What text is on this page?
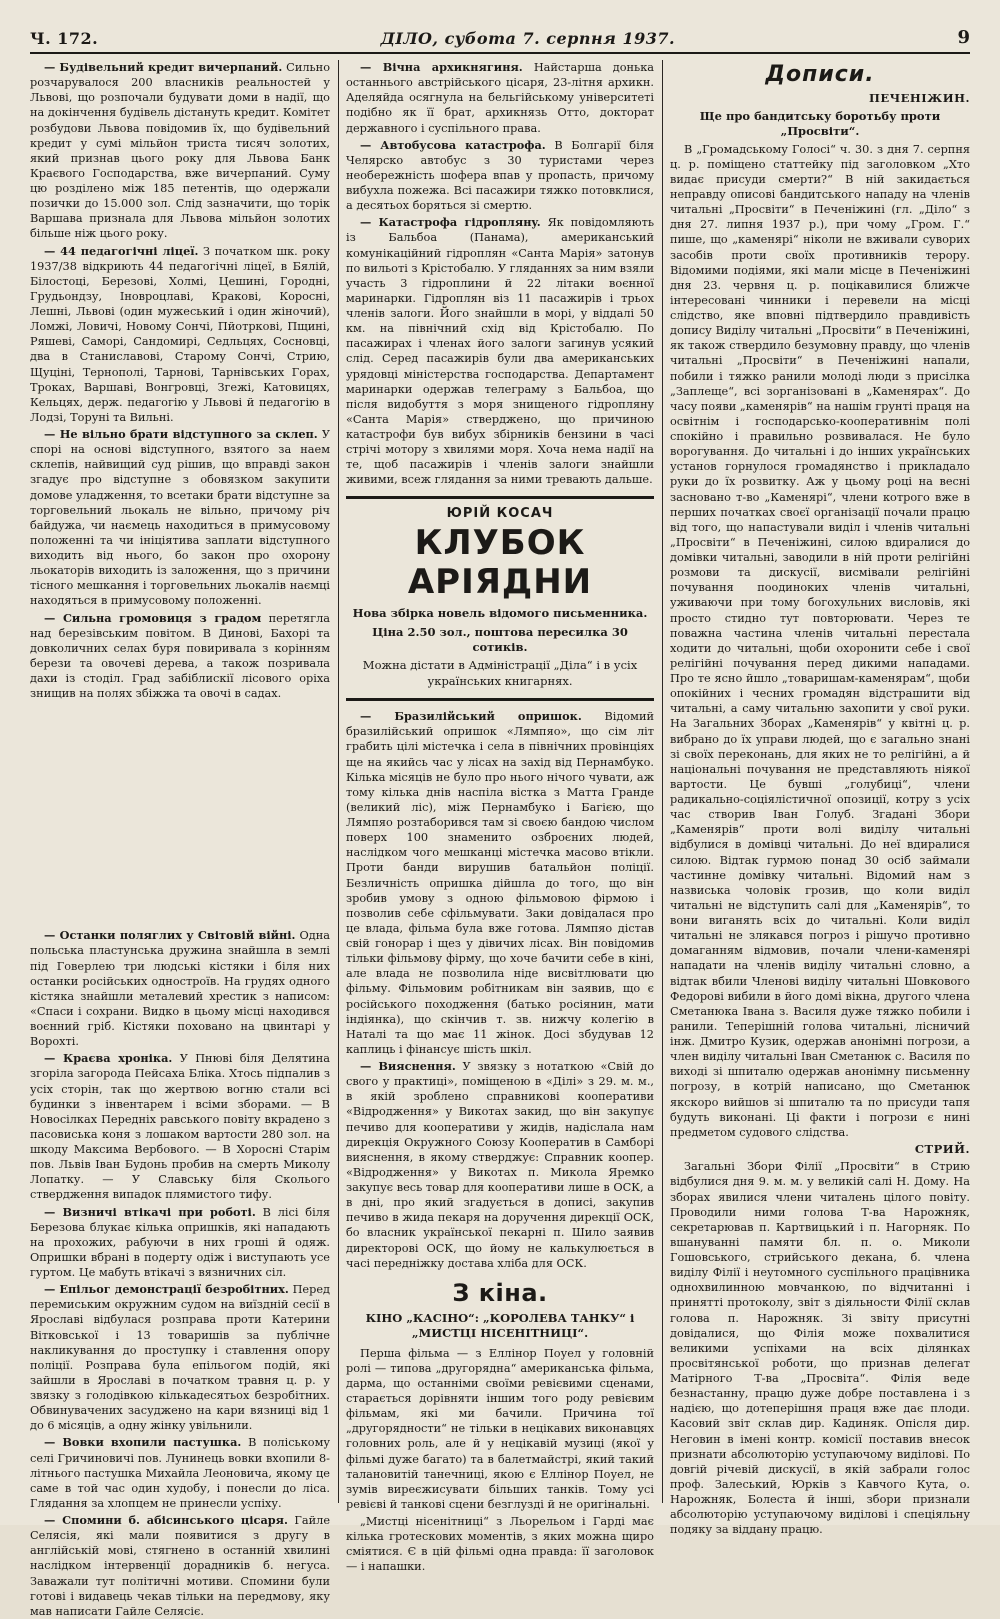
Ч. 172.	ДІЛО, субота 7. серпня 1937.	9

— Будівельний кредит вичерпаний. Сильно розчарувалося 200 власників реальностей у Львові, що розпочали будувати доми в надії, що на докінчення будівель дістануть кредит. Комітет розбудови Львова повідомив їх, що будівельний кредит у сумі мільйон триста тисяч золотих, який признав цього року для Львова Банк Краєвого Господарства, вже вичерпаний. Суму цю розділено між 185 петентів, що одержали позички до 15.000 зол. Слід зазначити, що торік Варшава признала для Львова мільйон золотих більше ніж цього року.

— 44 педагогічні ліцеї. З початком шк. року 1937/38 відкриють 44 педагогічні ліцеї, в Бялій, Білостоці, Березові, Холмі, Цешині, Городні, Грудьондзу, Іноврoцлаві, Кракові, Коросні, Лешні, Львові (один мужеський і один жіночий), Ломжі, Ловичі, Новому Сончі, Пйотркові, Пщині, Ряшеві, Саморі, Сандомирі, Седльцях, Сосновці, два в Станиславові, Старому Сончі, Стрию, Щуціні, Тернополі, Тарнові, Тарнівських Горах, Троках, Варшаві, Вонгровці, Згежі, Катовицях, Кельцях, держ. педагогію у Львові й педагогію в Лодзі, Торуні та Вильні.

— Не вільно брати відступного за склеп. У спорі на основі відступного, взятого за наем склепів, найвищий суд рішив, що вправді закон згадує про відступне з обовязком закупити домове уладження, то всетаки брати відступне за торговельний льокаль не вільно, причому річ байдужа, чи наємець находиться в примусовому положенні та чи ініціятива заплати відступного виходить від нього, бо закон про охорону льокаторів виходить із заложення, що з причини тісного мешкання і торговельних льокалів наємці находяться в примусовому положенні.

— Сильна громовиця з градом перетягла над березівським повітом. В Динові, Бахорі та довколичних селах буря повиривала з корінням берези та овочеві дерева, а також позривала дахи із стоділ. Град забіблискії лісового оріха знищив на полях збіжжа та овочі в садах.

— Останки поляглих у Світовій війні. Одна польська пластунська дружина знайшла в землі під Говерлею три людські кістяки і біля них останки російських однострoїв. На грудях одного кістяка знайшли металевий хрестик з написом: «Спаси і сохрани. Видко в цьому місці находився воєнний гріб. Кістяки поховано на цвинтарі у Ворохті.

— Краєва хроніка. У Пнюві біля Делятина згоріла загорода Пейсаха Бліка. Хтось підпалив з усіх сторін, так що жертвою вогню стали всі будинки з інвентарем і всіми зборами. — В Новосілках Передніх равського повіту вкрадено з пасовиська коня з лошаком вартости 280 зол. на шкоду Максима Вербового. — В Хоросні Старім пов. Львів Іван Будонь пробив на смерть Миколу Лопатку. — У Славську біля Сколього ствердження випадок плямистого тифу.

— Визничі втікачі при роботі. В лісі біля Березова блукає кілька опришків, які нападають на прохожих, рабуючи в них гроші й одяж. Опришки вбрані в подерту одіж і виступають усе гуртом. Це мабуть втікачі з вязничних сіл.

— Епільог демонстрації безробітних. Перед перемиським окружним судом на виїздній сесії в Ярославі відбулася розправа проти Катерини Вітковської і 13 товаришів за публічне накликування до проступку і ставлення опору поліції. Розправа була епільогом подій, які зайшли в Ярославі в початком травня ц. р. у звязку з голодівкою кількадесятьох безробітних. Обвинувачених засуджено на кари вязниці від 1 до 6 місяців, а одну жінку увільнили.

— Вовки вхопили пастушка. В поліському селі Гричиновичі пов. Лунинець вовки вхопили 8-літнього пастушка Михайла Леоновича, якому це саме в той час один худобу, і понесли до ліса. Глядання за хлопцем не принесли успіху.

— Спомини б. абісинського цісаря. Гайле Селясія, які мали появитися з другу в англійській мові, стягнено в останній хвилині наслідком інтервенції дорадників б. негуса. Заважали тут політичні мотиви. Спомини були готові і видавець чекав тільки на передмову, яку мав написати Гайле Селясіє.

— Вічна архикнягиня. Найстарша донька останнього австрійського цісаря, 23-літня архикн. Аделяйда осягнула на бельгійському університеті подібно як її брат, архикнязь Отто, докторат державного і суспільного права.

— Автобусова катастрофа. В Болгарії біля Челярско автобус з 30 туристами через необережність шофера впав у пропасть, причому вибухла пожежа. Всі пасажири тяжко потовклися, а десятьох боряться зі смертю.

— Катастрофа гідроплянy. Як повідомляють із Бальбоа (Панама), американський комунікаційний гідроплян «Санта Марія» затонув по вильоті з Крістобалю. У гляданнях за ним взяли участь 3 гідроплини й 22 літаки воєнної маринарки. Гідроплян віз 11 пасажирів і трьох членів залоги. Його знайшли в морі, у віддалі 50 км. на північний схід від Крістобалю. По пасажирах і членах його залоги загинув усякий слід. Серед пасажирів були два американських урядовці міністерства господарства. Департамент маринарки одержав телеграму з Бальбоа, що після видобуття з моря знищеного гідроплянy «Санта Марія» стверджено, що причиною катастрофи був вибух збірників бензини в часі стрічі мотору з хвилями моря. Хоча нема надії на те, щоб пасажирів і членів залоги знайшли живими, всеж глядання за ними тревають дальше.

ЮРІЙ КОСАЧ
КЛУБОК АРІЯДНИ
Нова збірка новель відомого письменника.
Ціна 2.50 зол., поштова пересилка 30 сотиків.
Можна дістати в Адміністрації „Діла“ і в усіх українських книгарнях.

— Бразилійський опришок. Відомий бразилійський опришок «Лямпяо», що сім літ грабить цілі містечка і села в північних провінціях ще на якийсь час у лісах на захід від Пернамбуко. Кілька місяців не було про нього нічого чувати, аж тому кілька днів наспіла вістка з Матта Гранде (великий ліс), між Пернамбуко і Багією, що Лямпяо розтаборився там зі своєю бандою числом поверх 100 знаменито озброєних людей, наслідком чого мешканці містечка масово втікли. Проти банди вирушив батальйон поліції. Безличність опришка дійшла до того, що він зробив умову з одною фільмовою фірмою і позволив себе сфільмувати. Заки довідалася про це влада, фільма була вже готова. Лямпяо дістав свій гонорар і щез у дівичих лісах. Він повідомив тільки фільмову фірму, що хоче бачити себе в кіні, але влада не позволила ніде висвітлювати цю фільму. Фільмовим робітникам він заявив, що є російського походження (батько росіянин, мати індіянка), що скінчив т. зв. нижчу колегію в Наталі та що має 11 жінок. Досі збудував 12 каплиць і фінансує шість шкіл.

— Вияснення. У звязку з нотаткою «Свій до свого у практиці», поміщеною в «Ділі» з 29. м. м., в якій зроблено справникові кооперативи «Відродження» у Викотах закид, що він закупує печиво для кооперативи у жидів, надіслала нам дирекція Окружного Союзу Кооператив в Самборі вияснення, в якому стверджує: Справник коопер. «Відродження» у Викотах п. Микола Яремко закупує весь товар для кооперативи лише в ОСК, а в дні, про який згадується в допиcі, закупив печиво в жида пекаря на доручення дирекції ОСК, бо власник української пекарні п. Шило заявив директорові ОСК, що йому не калькулюється в часі передніжку доставa хліба для ОСК.

З кіна.
КІНО „КАСІНО“: „КОРОЛЕВА ТАНКУ“ і „МИСТЦІ НІСЕНІТНИЦІ“.

Перша фільма — з Еллінор Поуел у головній ролі — типова „другорядна“ американська фільма, дарма, що останніми своїми ревієвими сценами, старається дорівняти іншим того роду ревієвим фільмам, які ми бачили. Причина тої „другорядности“ не тільки в нецікавих виконавцях головних роль, але й у нецікавій музиці (якої у фільмі дуже багато) та в балетмайстрі, який такий талановитій танечниці, якою є Еллінор Поуел, не зумів виреєжисувати більших танків. Тому усі ревієві й танкові сцени безглузді й не оригінальні.

„Мистці нісенітниці“ з Льорельом і Гарді має кілька гротескових моментів, з яких можна щиро сміятися. Є в цій фільмі одна правда: її заголовок — і напашки.

Дописи.
ПЕЧЕНІЖИН.
Ще про бандитську боротьбу проти „Просвіти“.

В „Громадському Голосі“ ч. 30. з дня 7. серпня ц. р. поміщено статтейку під заголовком „Хто видає присуди смерти?“ В ній закидається неправду описові бандитського нападу на членів читальні „Просвіти“ в Печеніжині (гл. „Діло“ з дня 27. липня 1937 р.), при чому „Гром. Г.“ пише, що „каменярі“ ніколи не вживали суворих засобів проти своїх противників терору. Відомими подіями, які мали місце в Печеніжині дня 23. червня ц. р. поцікавилися ближче інтересовані чинники і перевели на місці слідство, яке вповні підтвердило правдивість допису Виділу читальні „Просвіти“ в Печеніжині, як також ствердило безумовну правду, що членів читальні „Просвіти“ в Печеніжині напали, побили і тяжко ранили молоді люди з присілка „Заплеще“, всі зорганізовані в „Каменярах“. До часу появи „каменярів“ на нашім грунті праця на освітнім і господарсько-кооперативнім полі спокійно і правильно розвивалася. Не було ворогування. До читальні і до інших українських установ горнулося громадянство і прикладало руки до їх розвитку. Аж у цьому році на весні засновано т-во „Каменярі“, члени котрого вже в перших початках своєї організації почали працю від того, що напастували виділ і членів читальні „Просвіти“ в Печеніжині, силою вдиралися до домівки читальні, заводили в ній проти релігійні розмови та дискусії, висмівали релігійні почування поодиноких членів читальні, уживаючи при тому богохульних висловів, які просто стидно тут повторювати. Через те поважна частина членів читальні перестала ходити до читальні, щоби охоронити себе і свої релігійні почування перед дикими нападами. Про те ясно йшло „товаришам-каменярам“, щоби опокійних і чесних громадян відстрашити від читальні, а саму читальню захопити у свої руки. На Загальних Зборах „Каменярів“ у квітні ц. р. вибрано до їх управи людей, що є загально знані зі своїх переконань, для яких не то релігійні, а й національні почування не представляють ніякої вартости. Це бувші „голубиці“, члени радикально-соціялістичної опозиції, котру з усіх час створив Іван Голуб. Згадані Збори „Каменярів“ проти волі виділу читальні відбулися в домівці читальні. До неї вдиралися силою. Відтак гурмою понад 30 осіб займали частинне домівку читальні. Відомий нам з назвиська чоловік грозив, що коли виділ читальні не відступить салі для „Каменярів“, то вони виганять всіх до читальні. Коли виділ читальні не злякався погроз і рішучо противно домаганням відмовив, почали члени-каменярі нападати на членів виділу читальні словно, а відтак вбили Членові виділу читальні Шовкового Федорові вибили в його домі вікна, другого члена Сметанюка Івана з. Василя дуже тяжко побили і ранили. Теперішній голова читальні, лісничий інж. Дмитро Кузик, одержав анонімні погрози, а член виділу читальні Іван Сметанюк с. Василя по виході зі шпиталю одержав анонімну письменну погрозу, в котрій написано, що Сметанюк якскоро вийшов зі шпиталю та по присуди тапя будуть виконані. Ці факти і погрози є нині предметом судового слідства.

СТРИЙ.

Загальні Збори Філії „Просвіти“ в Стрию відбулися дня 9. м. м. у великій салі Н. Дому. На зборах явилися члени читалень цілого повіту. Проводили ними голова Т-ва Нарожняк, секретарював п. Картвицький і п. Нагорняк. По вшануванні памяти бл. п. о. Миколи Гошовського, стрийського декана, б. члена виділу Філії і неутомного суспільного працівника однохвилинною мовчанкою, по відчитанні і принятті протоколу, звіт з діяльности Філії склав голова п. Нарожняк. Зі звіту присутні довідалися, що Філія може похвалитися великими успіхами на всіх ділянках просвітянської роботи, що признав делегат Матірного Т-ва „Просвіта“. Філія веде безнастанну, працю дуже добре поставлена і з надією, що дотеперішня праця вже дає плоди. Касовий звіт склав дир. Кадиняк. Опісля дир. Неговин в імені контр. комісії поставив внесок признати абсолюторію уступаючому виділові. По довгій річевій дискусії, в якій забрали голос проф. Залеський, Юрків з Кавчого Кута, о. Нарожняк, Болеста й інші, збори признали абсолюторію уступаючому виділові і спеціяльну подяку за віддану працю.
